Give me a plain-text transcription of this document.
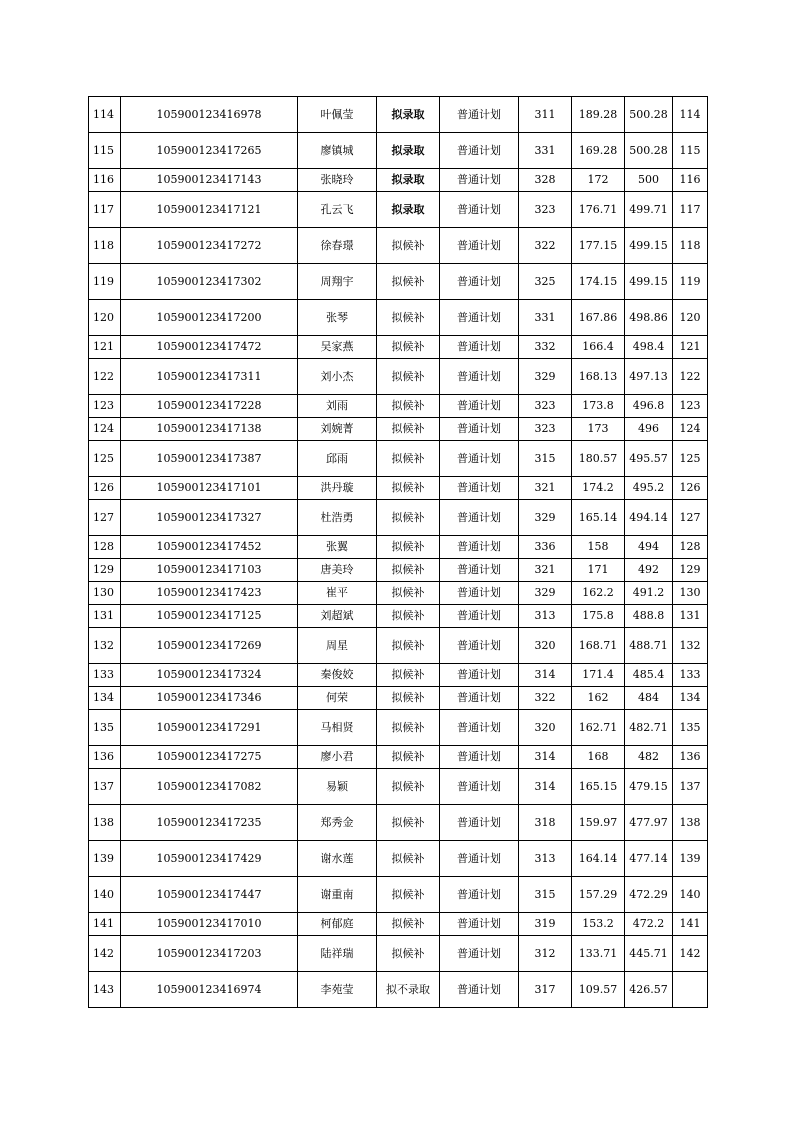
114	105900123416978	叶佩莹	拟录取	普通计划	311	189.28	500.28	114
115	105900123417265	廖镇城	拟录取	普通计划	331	169.28	500.28	115
116	105900123417143	张晓玲	拟录取	普通计划	328	172	500	116
117	105900123417121	孔云飞	拟录取	普通计划	323	176.71	499.71	117
118	105900123417272	徐春璟	拟候补	普通计划	322	177.15	499.15	118
119	105900123417302	周翔宇	拟候补	普通计划	325	174.15	499.15	119
120	105900123417200	张琴	拟候补	普通计划	331	167.86	498.86	120
121	105900123417472	吴家燕	拟候补	普通计划	332	166.4	498.4	121
122	105900123417311	刘小杰	拟候补	普通计划	329	168.13	497.13	122
123	105900123417228	刘雨	拟候补	普通计划	323	173.8	496.8	123
124	105900123417138	刘婉菁	拟候补	普通计划	323	173	496	124
125	105900123417387	邱雨	拟候补	普通计划	315	180.57	495.57	125
126	105900123417101	洪丹璇	拟候补	普通计划	321	174.2	495.2	126
127	105900123417327	杜浩勇	拟候补	普通计划	329	165.14	494.14	127
128	105900123417452	张翼	拟候补	普通计划	336	158	494	128
129	105900123417103	唐美玲	拟候补	普通计划	321	171	492	129
130	105900123417423	崔平	拟候补	普通计划	329	162.2	491.2	130
131	105900123417125	刘超斌	拟候补	普通计划	313	175.8	488.8	131
132	105900123417269	周星	拟候补	普通计划	320	168.71	488.71	132
133	105900123417324	秦俊姣	拟候补	普通计划	314	171.4	485.4	133
134	105900123417346	何荣	拟候补	普通计划	322	162	484	134
135	105900123417291	马相贤	拟候补	普通计划	320	162.71	482.71	135
136	105900123417275	廖小君	拟候补	普通计划	314	168	482	136
137	105900123417082	易颖	拟候补	普通计划	314	165.15	479.15	137
138	105900123417235	郑秀金	拟候补	普通计划	318	159.97	477.97	138
139	105900123417429	谢水莲	拟候补	普通计划	313	164.14	477.14	139
140	105900123417447	谢重南	拟候补	普通计划	315	157.29	472.29	140
141	105900123417010	柯郁庭	拟候补	普通计划	319	153.2	472.2	141
142	105900123417203	陆祥瑞	拟候补	普通计划	312	133.71	445.71	142
143	105900123416974	李苑莹	拟不录取	普通计划	317	109.57	426.57	
